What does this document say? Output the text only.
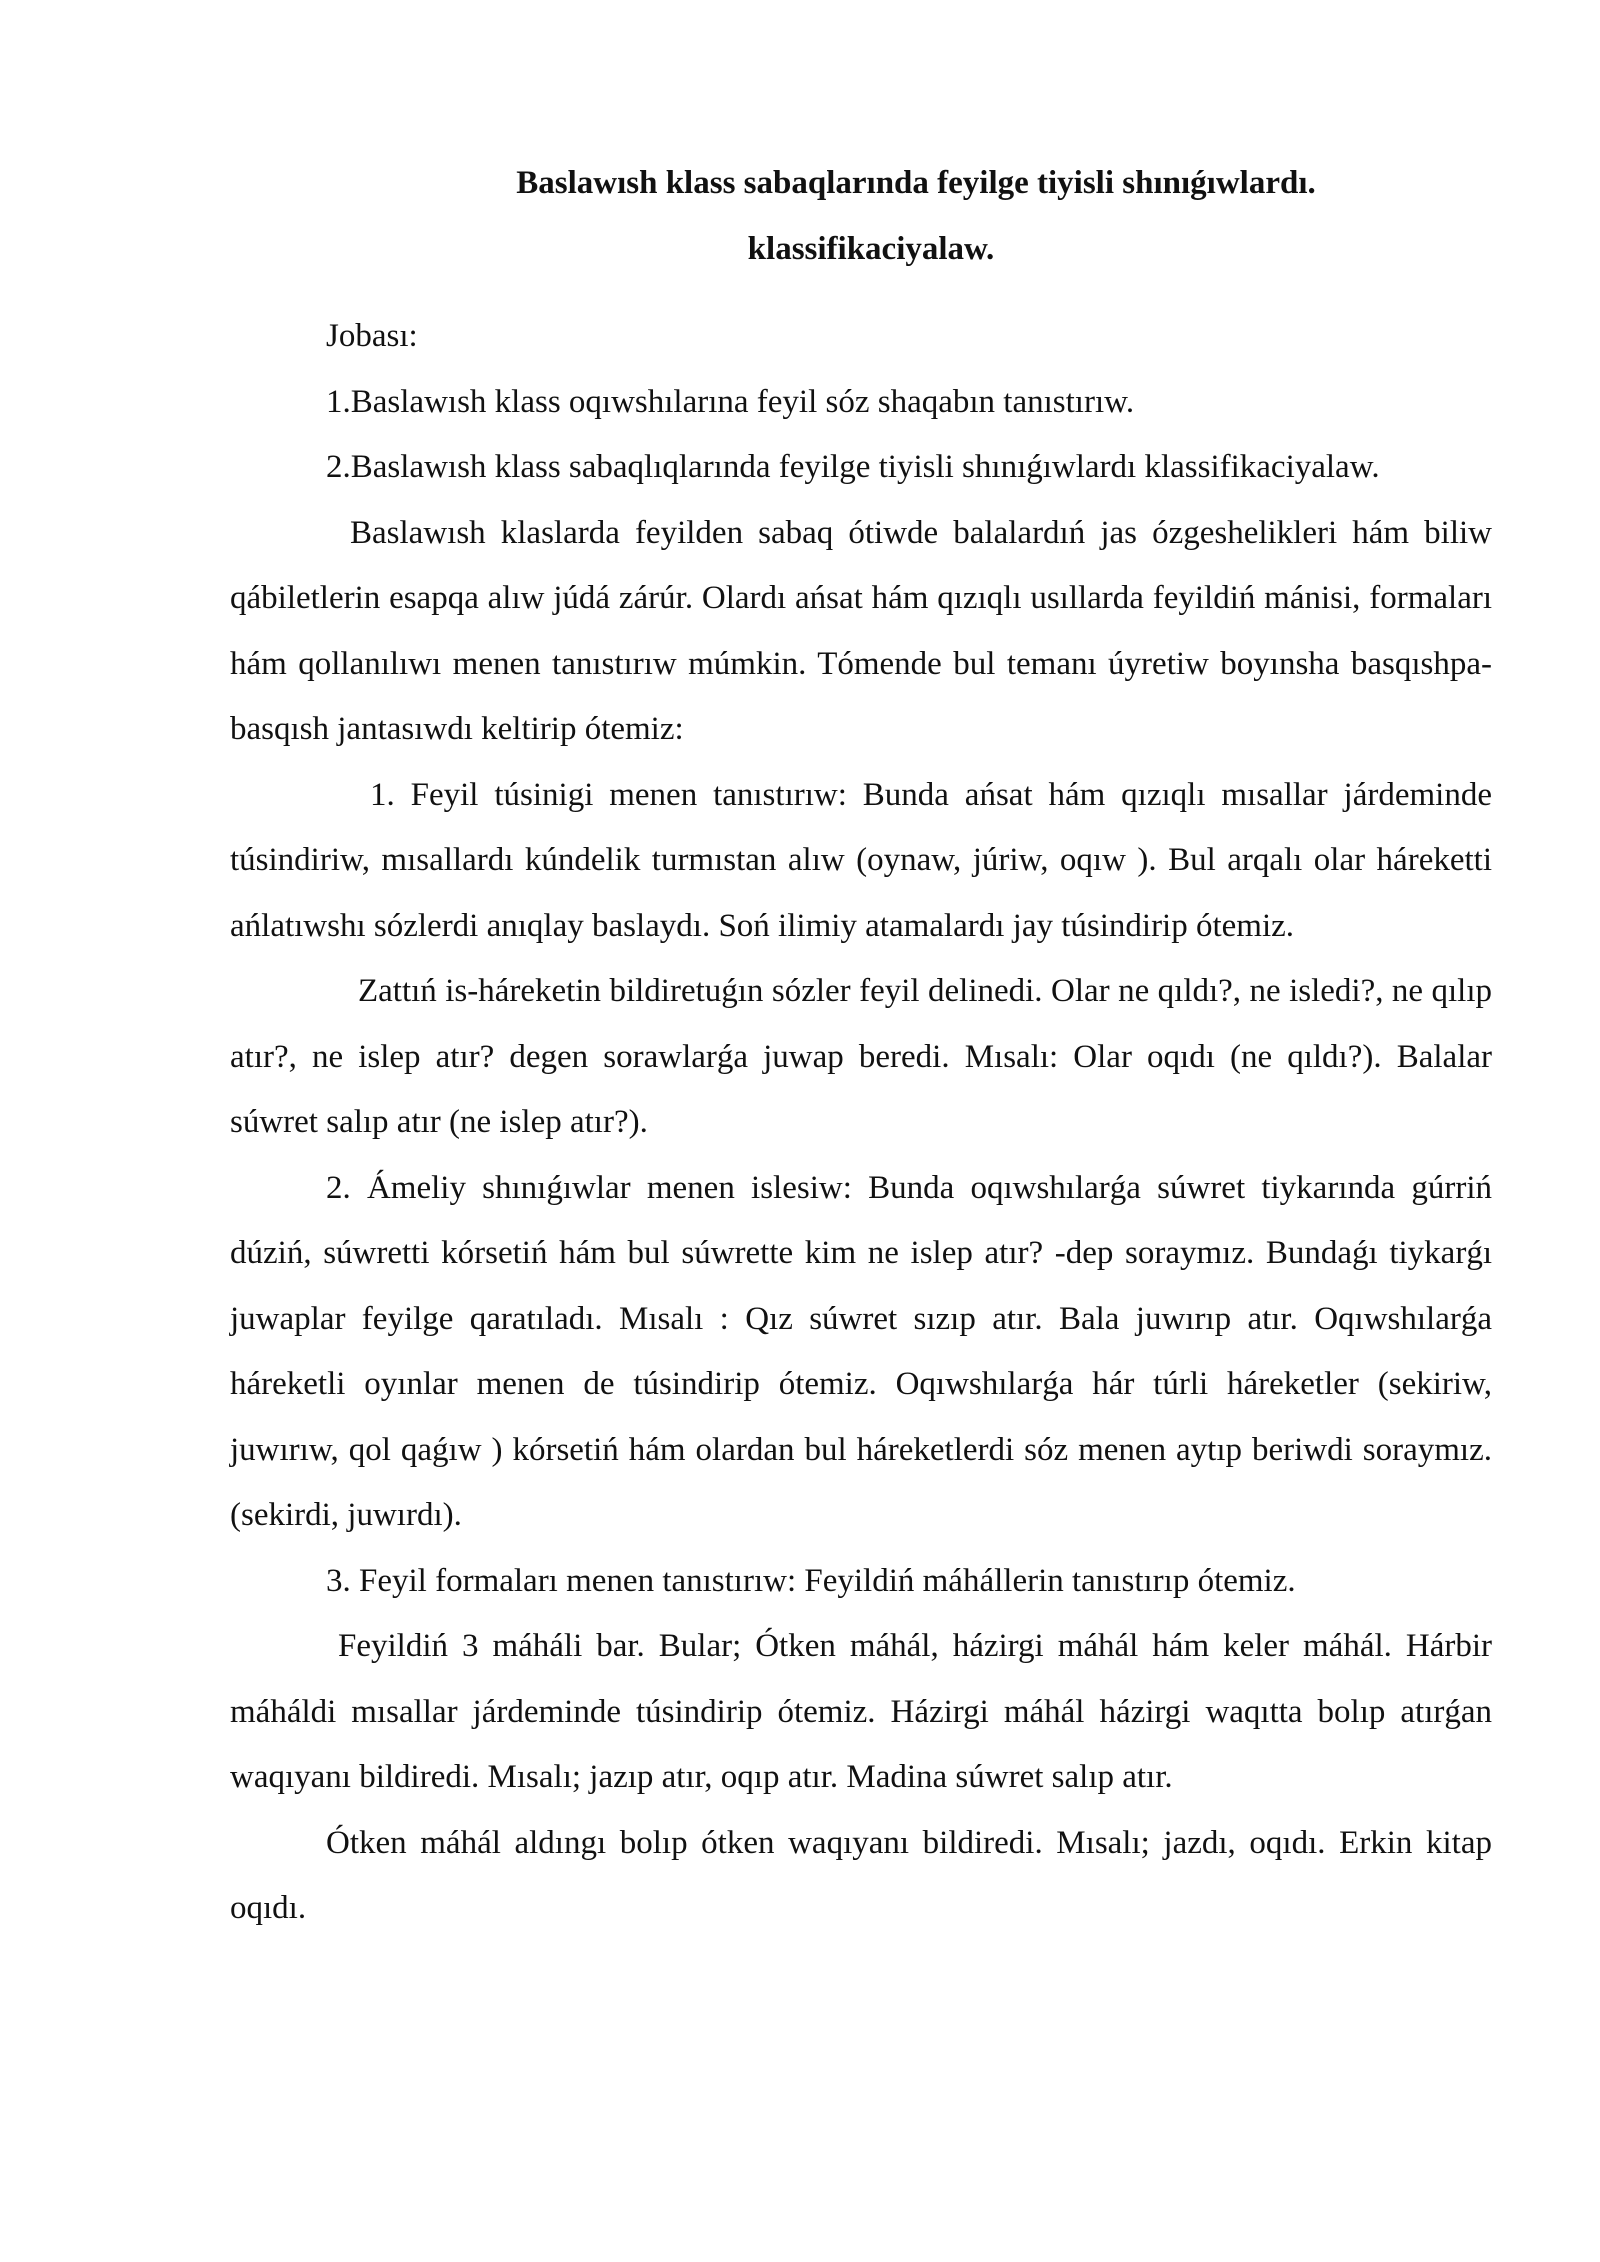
Baslawısh klass sabaqlarında feyilge tiyisli shınıǵıwlardı.
klassifikaciyalaw.

Jobası:

1.Baslawısh klass oqıwshılarına feyil sóz shaqabın tanıstırıw.

2.Baslawısh klass sabaqlıqlarında feyilge tiyisli shınıǵıwlardı klassifikaciyalaw.

Baslawısh klaslarda feyilden sabaq ótiwde balalardıń jas ózgeshelikleri hám biliw qábiletlerin esapqa alıw júdá zárúr. Olardı ańsat hám qızıqlı usıllarda feyildiń mánisi, formaları hám qollanılıwı menen tanıstırıw múmkin. Tómende bul temanı úyretiw boyınsha basqıshpa-basqısh jantasıwdı keltirip ótemiz:

1. Feyil túsinigi menen tanıstırıw: Bunda ańsat hám qızıqlı mısallar járdeminde túsindiriw, mısallardı kúndelik turmıstan alıw (oynaw, júriw, oqıw ). Bul arqalı olar háreketti ańlatıwshı sózlerdi anıqlay baslaydı. Soń ilimiy atamalardı jay túsindirip ótemiz.

Zattıń is-háreketin bildiretuǵın sózler feyil delinedi. Olar ne qıldı?, ne isledi?, ne qılıp atır?, ne islep atır? degen sorawlarǵa juwap beredi. Mısalı: Olar oqıdı (ne qıldı?). Balalar súwret salıp atır (ne islep atır?).

2. Ámeliy shınıǵıwlar menen islesiw: Bunda oqıwshılarǵa súwret tiykarında gúrriń dúziń, súwretti kórsetiń hám bul súwrette kim ne islep atır? -dep soraymız. Bundaǵı tiykarǵı juwaplar feyilge qaratıladı. Mısalı : Qız súwret sızıp atır. Bala juwırıp atır. Oqıwshılarǵa háreketli oyınlar menen de túsindirip ótemiz. Oqıwshılarǵa hár túrli háreketler (sekiriw, juwırıw, qol qaǵıw ) kórsetiń hám olardan bul háreketlerdi sóz menen aytıp beriwdi soraymız. (sekirdi, juwırdı).

3. Feyil formaları menen tanıstırıw: Feyildiń máhállerin tanıstırıp ótemiz.

Feyildiń 3 máháli bar. Bular; Ótken máhál, házirgi máhál hám keler máhál. Hárbir máháldi mısallar járdeminde túsindirip ótemiz. Házirgi máhál házirgi waqıtta bolıp atırǵan waqıyanı bildiredi. Mısalı; jazıp atır, oqıp atır. Madina súwret salıp atır.

Ótken máhál aldıngı bolıp ótken waqıyanı bildiredi. Mısalı; jazdı, oqıdı. Erkin kitap oqıdı.
